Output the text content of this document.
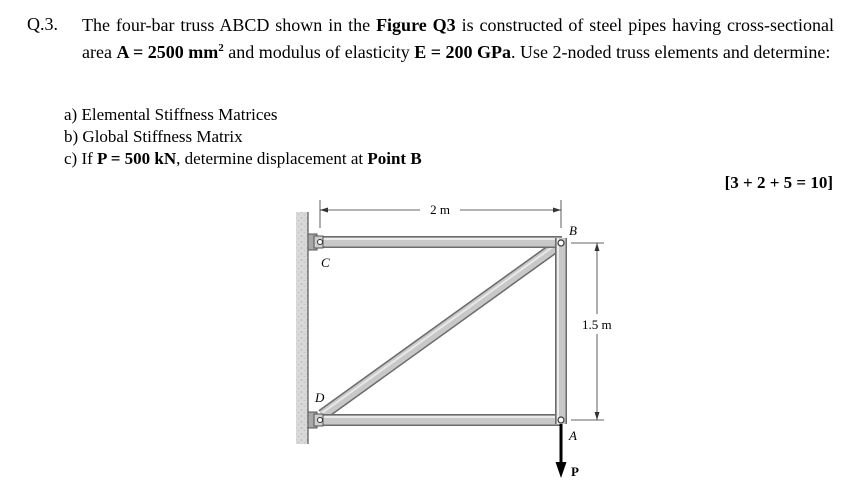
Q.3. The four-bar truss ABCD shown in the Figure Q3 is constructed of steel pipes having cross-sectional area A = 2500 $mm^2$ and modulus of elasticity E = 200 GPa. Use 2-noded truss elements and determine:
a) Elemental Stiffness Matrices
b) Global Stiffness Matrix
c) If P = 500 kN, determine displacement at Point B
[3 + 2 + 5 = 10]
2 m
1.5 m
B
C
D
A
P
